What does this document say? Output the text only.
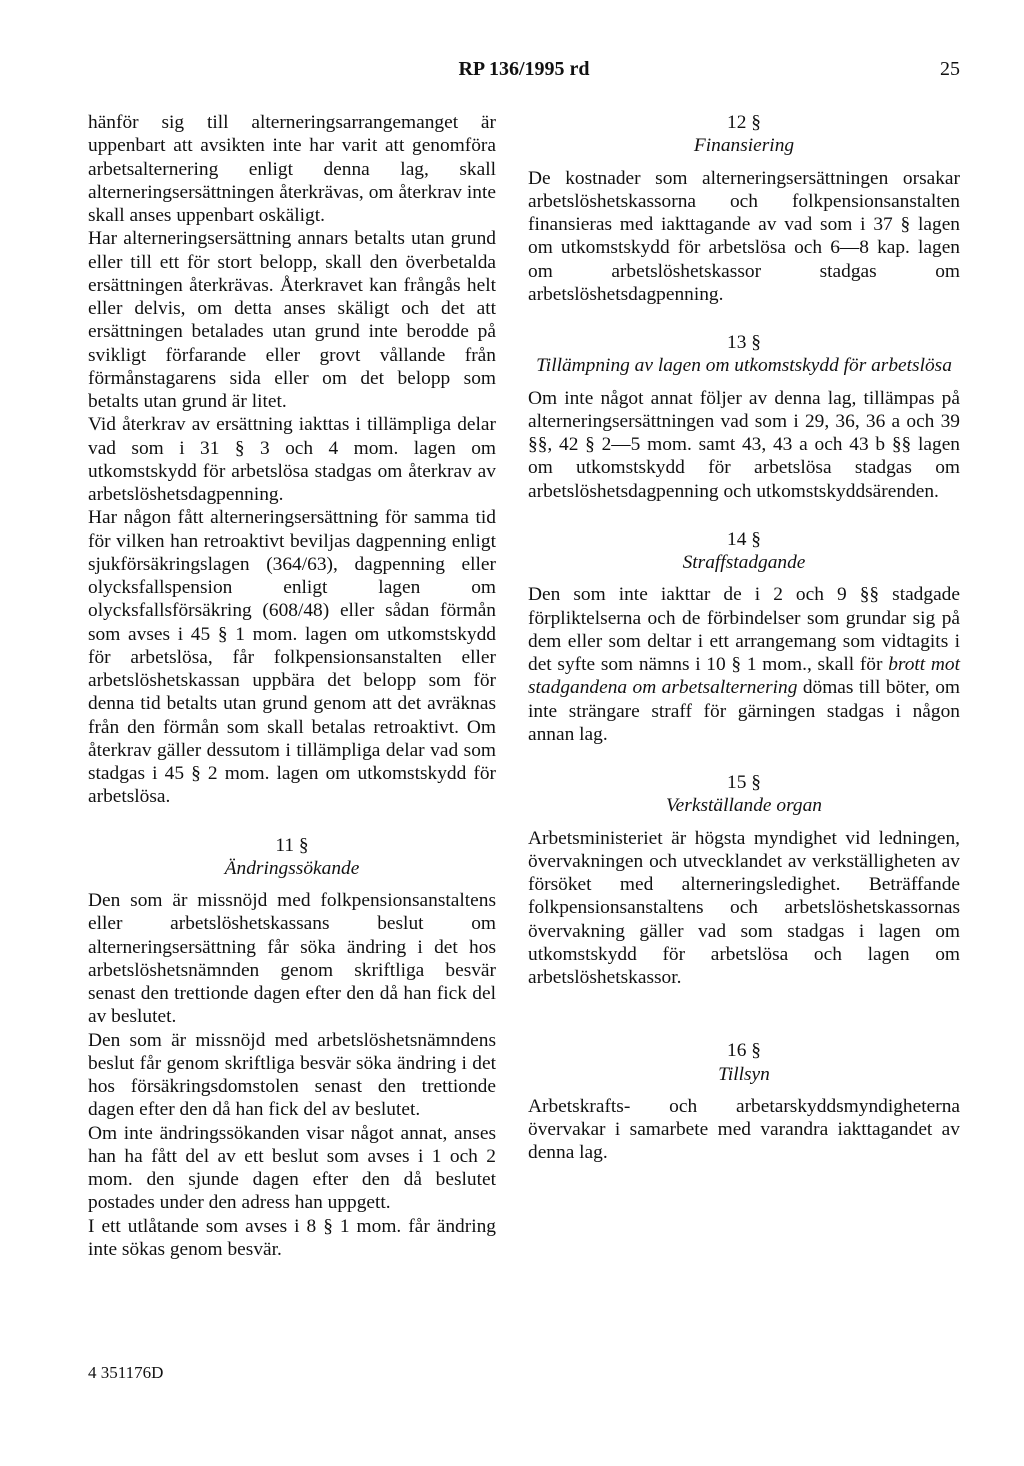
RP 136/1995 rd	25

hänför sig till alterneringsarrangemanget är uppenbart att avsikten inte har varit att genomföra arbetsalternering enligt denna lag, skall alterneringsersättningen återkrävas, om återkrav inte skall anses uppenbart oskäligt.

Har alterneringsersättning annars betalts utan grund eller till ett för stort belopp, skall den överbetalda ersättningen återkrävas. Återkravet kan frångås helt eller delvis, om detta anses skäligt och det att ersättningen betalades utan grund inte berodde på svikligt förfarande eller grovt vållande från förmånstagarens sida eller om det belopp som betalts utan grund är litet.

Vid återkrav av ersättning iakttas i tillämpliga delar vad som i 31 § 3 och 4 mom. lagen om utkomstskydd för arbetslösa stadgas om återkrav av arbetslöshetsdagpenning.

Har någon fått alterneringsersättning för samma tid för vilken han retroaktivt beviljas dagpenning enligt sjukförsäkringslagen (364/63), dagpenning eller olycksfallspension enligt lagen om olycksfallsförsäkring (608/48) eller sådan förmån som avses i 45 § 1 mom. lagen om utkomstskydd för arbetslösa, får folkpensionsanstalten eller arbetslöshetskassan uppbära det belopp som för denna tid betalts utan grund genom att det avräknas från den förmån som skall betalas retroaktivt. Om återkrav gäller dessutom i tillämpliga delar vad som stadgas i 45 § 2 mom. lagen om utkomstskydd för arbetslösa.

11 §
Ändringssökande

Den som är missnöjd med folkpensionsanstaltens eller arbetslöshetskassans beslut om alterneringsersättning får söka ändring i det hos arbetslöshetsnämnden genom skriftliga besvär senast den trettionde dagen efter den då han fick del av beslutet.

Den som är missnöjd med arbetslöshetsnämndens beslut får genom skriftliga besvär söka ändring i det hos försäkringsdomstolen senast den trettionde dagen efter den då han fick del av beslutet.

Om inte ändringssökanden visar något annat, anses han ha fått del av ett beslut som avses i 1 och 2 mom. den sjunde dagen efter den då beslutet postades under den adress han uppgett.

I ett utlåtande som avses i 8 § 1 mom. får ändring inte sökas genom besvär.

12 §
Finansiering

De kostnader som alterneringsersättningen orsakar arbetslöshetskassorna och folkpensionsanstalten finansieras med iakttagande av vad som i 37 § lagen om utkomstskydd för arbetslösa och 6—8 kap. lagen om arbetslöshetskassor stadgas om arbetslöshetsdagpenning.

13 §
Tillämpning av lagen om utkomstskydd för arbetslösa

Om inte något annat följer av denna lag, tillämpas på alterneringsersättningen vad som i 29, 36, 36 a och 39 §§, 42 § 2—5 mom. samt 43, 43 a och 43 b §§ lagen om utkomstskydd för arbetslösa stadgas om arbetslöshetsdagpenning och utkomstskyddsärenden.

14 §
Straffstadgande

Den som inte iakttar de i 2 och 9 §§ stadgade förpliktelserna och de förbindelser som grundar sig på dem eller som deltar i ett arrangemang som vidtagits i det syfte som nämns i 10 § 1 mom., skall för brott mot stadgandena om arbetsalternering dömas till böter, om inte strängare straff för gärningen stadgas i någon annan lag.

15 §
Verkställande organ

Arbetsministeriet är högsta myndighet vid ledningen, övervakningen och utvecklandet av verkställigheten av försöket med alterneringsledighet. Beträffande folkpensionsanstaltens och arbetslöshetskassornas övervakning gäller vad som stadgas i lagen om utkomstskydd för arbetslösa och lagen om arbetslöshetskassor.

16 §
Tillsyn

Arbetskrafts- och arbetarskyddsmyndigheterna övervakar i samarbete med varandra iakttagandet av denna lag.

4 351176D
